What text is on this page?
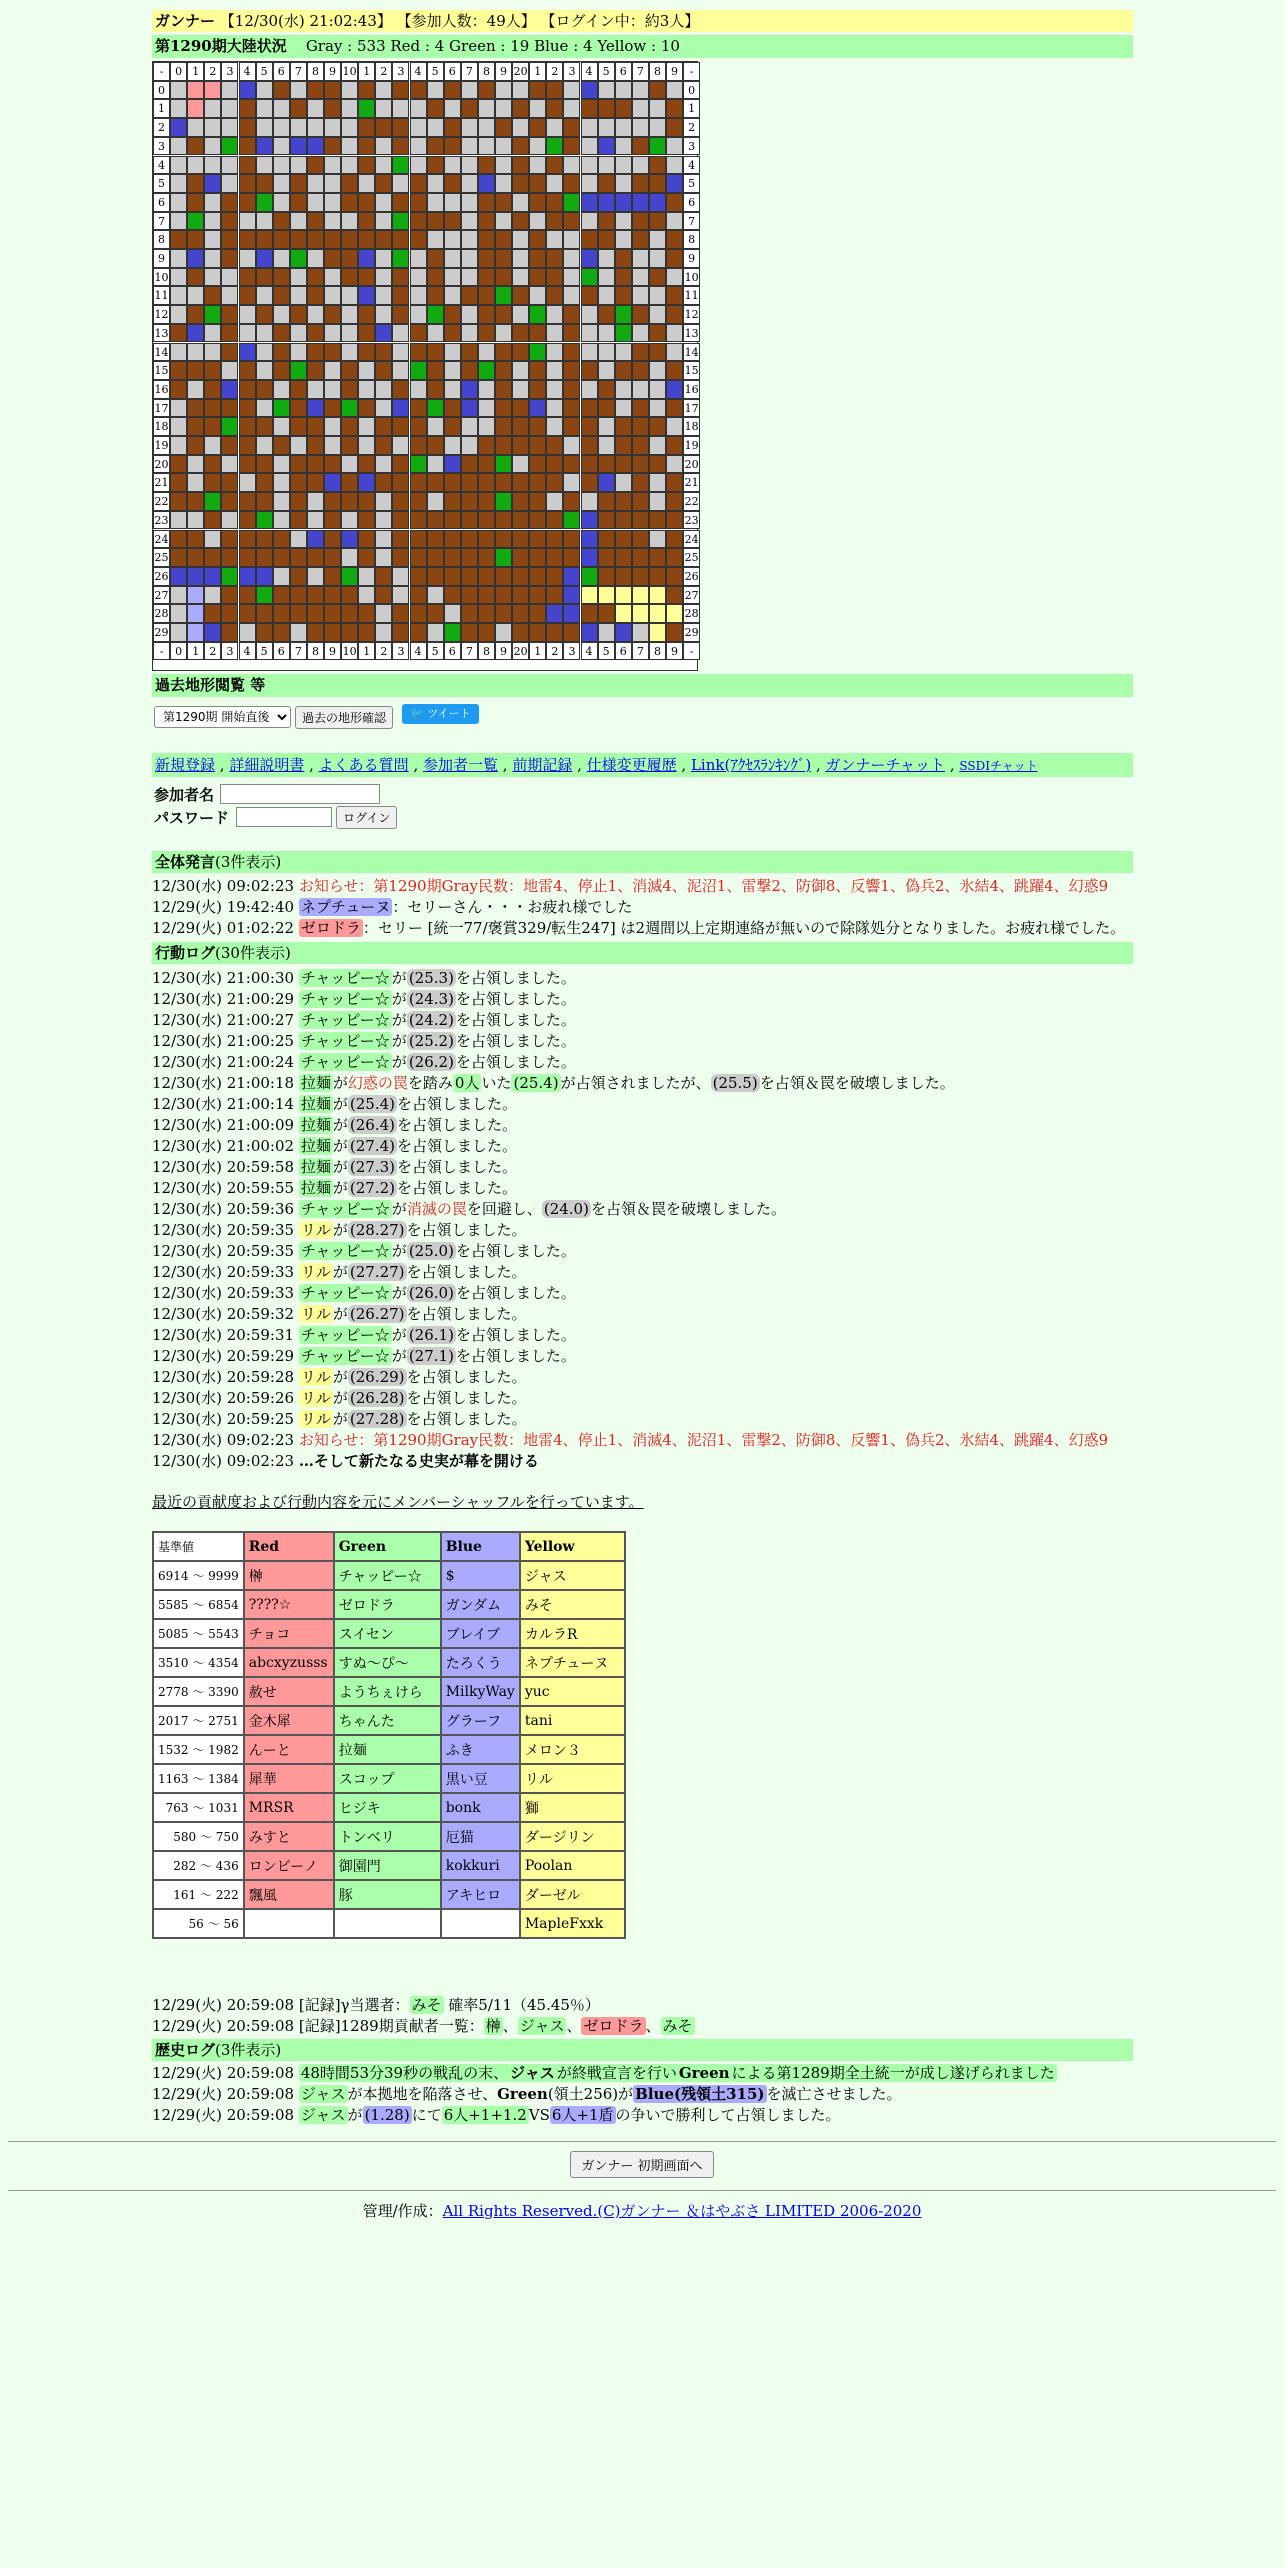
ガンナー 【12/30(水) 21:02:43】 【参加人数：49人】 【ログイン中：約3人】
第1290期大陸状況 Gray : 533 Red : 4 Green : 19 Blue : 4 Yellow : 10
-	0 1 2 3 4 5 6 7 8 9 10 1 2 3 4 5 6 7 8 9 20 1 2 3 4 5 6 7 8 9	-
-	0 1 2 3 4 5 6 7 8 9 10 1 2 3 4 5 6 7 8 9 20 1 2 3 4 5 6 7 8 9	-
0	0
1	1
2	2
3	3
4	4
5	5
6	6
7	7
8	8
9	9
10	10
11	11
12	12
13	13
14	14
15	15
16	16
17	17
18	18
19	19
20	20
21	21
22	22
23	23
24	24
25	25
26	26
27	27
28	28
29	29
過去地形閲覧 等
第1290期 開始直後
過去の地形確認	🐦 ツイート
新規登録 , 詳細説明書 , よくある質問 , 参加者一覧 , 前期記録 , 仕様変更履歴 , Link(ｱｸｾｽﾗﾝｷﾝｸﾞ) , ガンナーチャット , SSDIチャット
参加者名
パスワード	ログイン
全体発言(3件表示)
12/30(水) 09:02:23 お知らせ：第1290期Gray民数：地雷4、停止1、消滅4、泥沼1、雷撃2、防御8、反響1、偽兵2、氷結4、跳躍4、幻惑9
12/29(火) 19:42:40 ネプチューヌ ：セリーさん・・・お疲れ様でした
12/29(火) 01:02:22 ゼロドラ ：セリー [統一77/褒賞329/転生247] は2週間以上定期連絡が無いので除隊処分となりました。お疲れ様でした。
行動ログ(30件表示)
12/30(水) 21:00:30 チャッピー☆ が (25.3) を占領しました。
12/30(水) 21:00:29 チャッピー☆ が (24.3) を占領しました。
12/30(水) 21:00:27 チャッピー☆ が (24.2) を占領しました。
12/30(水) 21:00:25 チャッピー☆ が (25.2) を占領しました。
12/30(水) 21:00:24 チャッピー☆ が (26.2) を占領しました。
12/30(水) 21:00:18 拉麺 が幻惑の罠を踏み 0人 いた (25.4) が占領されましたが、 (25.5) を占領＆罠を破壊しました。
12/30(水) 21:00:14 拉麺 が (25.4) を占領しました。
12/30(水) 21:00:09 拉麺 が (26.4) を占領しました。
12/30(水) 21:00:02 拉麺 が (27.4) を占領しました。
12/30(水) 20:59:58 拉麺 が (27.3) を占領しました。
12/30(水) 20:59:55 拉麺 が (27.2) を占領しました。
12/30(水) 20:59:36 チャッピー☆ が消滅の罠を回避し、 (24.0) を占領＆罠を破壊しました。
12/30(水) 20:59:35 リル が (28.27) を占領しました。
12/30(水) 20:59:35 チャッピー☆ が (25.0) を占領しました。
12/30(水) 20:59:33 リル が (27.27) を占領しました。
12/30(水) 20:59:33 チャッピー☆ が (26.0) を占領しました。
12/30(水) 20:59:32 リル が (26.27) を占領しました。
12/30(水) 20:59:31 チャッピー☆ が (26.1) を占領しました。
12/30(水) 20:59:29 チャッピー☆ が (27.1) を占領しました。
12/30(水) 20:59:28 リル が (26.29) を占領しました。
12/30(水) 20:59:26 リル が (26.28) を占領しました。
12/30(水) 20:59:25 リル が (27.28) を占領しました。
12/30(水) 09:02:23 お知らせ：第1290期Gray民数：地雷4、停止1、消滅4、泥沼1、雷撃2、防御8、反響1、偽兵2、氷結4、跳躍4、幻惑9
12/30(水) 09:02:23 …そして新たなる史実が幕を開ける
最近の貢献度および行動内容を元にメンバーシャッフルを行っています。
基準値	Red	Green	Blue	Yellow
6914 ～ 9999	榊	チャッピー☆	$	ジャス
5585 ～ 6854	????☆	ゼロドラ	ガンダム	みそ
5085 ～ 5543	チョコ	スイセン	ブレイブ	カルラR
3510 ～ 4354	abcxyzusss	すぬ～ぴ～	たろくう	ネプチューヌ
2778 ～ 3390	赦せ	ようちぇけら	MilkyWay	yuc
2017 ～ 2751	金木犀	ちゃんた	グラーフ	tani
1532 ～ 1982	んーと	拉麺	ふき	メロン３
1163 ～ 1384	犀華	スコップ	黒い豆	リル
763 ～ 1031	MRSR	ヒジキ	bonk	獅
580 ～ 750	みすと	トンベリ	厄猫	ダージリン
282 ～ 436	ロンビーノ	御園門	kokkuri	Poolan
161 ～ 222	飄風	豚	アキヒロ	ダーゼル
56 ～ 56				MapleFxxk
12/29(火) 20:59:08 [記録]γ当選者： みそ 確率5/11（45.45％）
12/29(火) 20:59:08 [記録]1289期貢献者一覧： 榊 、 ジャス 、 ゼロドラ 、 みそ
歴史ログ(3件表示)
12/29(火) 20:59:08 48時間53分39秒の戦乱の末、 ジャス が終戦宣言を行い Green による第1289期全土統一が成し遂げられました
12/29(火) 20:59:08 ジャス が本拠地を陥落させ、Green(領土256)が Blue(残領土315) を滅亡させました。
12/29(火) 20:59:08 ジャス が (1.28) にて 6人+1+1.2 VS 6人+1盾 の争いで勝利して占領しました。
ガンナー 初期画面へ
管理/作成：All Rights Reserved.(C)ガンナー ＆はやぶさ LIMITED 2006-2020
